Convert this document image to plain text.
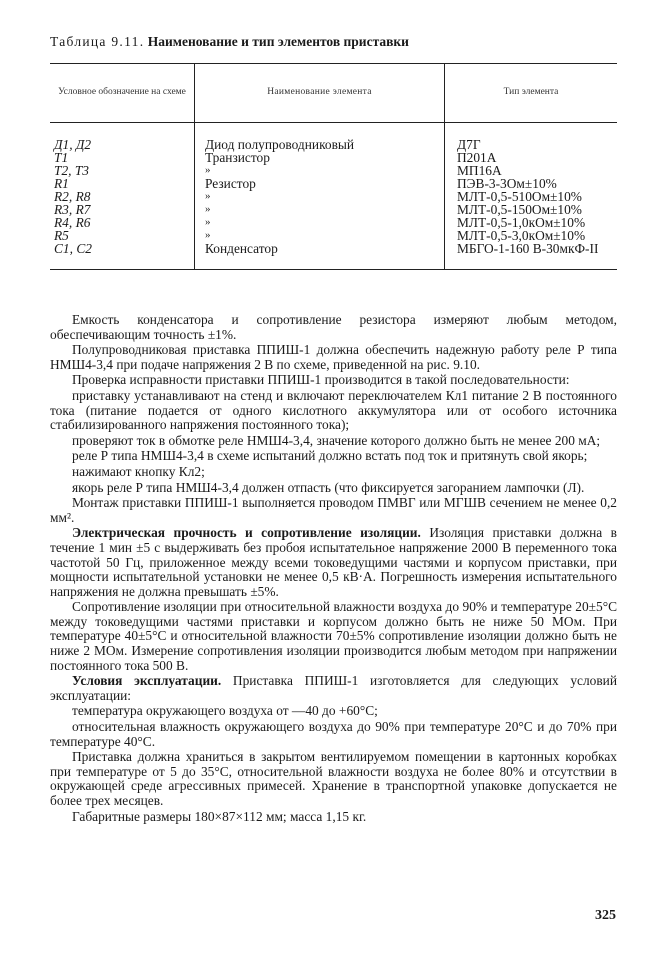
Таблица 9.11. Наименование и тип элементов приставки
Условное обозначение на схеме	Наименование элемента	Тип элемента
Д1, Д2	Диод полупроводниковый	Д7Г
Т1	Транзистор	П201А
Т2, Т3	»	МП16А
R1	Резистор	ПЭВ-3-3Ом±10%
R2, R8	»	МЛТ-0,5-510Ом±10%
R3, R7	»	МЛТ-0,5-150Ом±10%
R4, R6	»	МЛТ-0,5-1,0кОм±10%
R5	»	МЛТ-0,5-3,0кОм±10%
С1, С2	Конденсатор	МБГО-1-160 В-30мкФ-II

Емкость конденсатора и сопротивление резистора измеряют любым методом, обеспечивающим точность ±1%.

Полупроводниковая приставка ППИШ-1 должна обеспечить надежную работу реле Р типа НМШ4-3,4 при подаче напряжения 2 В по схеме, приведенной на рис. 9.10.

Проверка исправности приставки ППИШ-1 производится в такой последовательности:

приставку устанавливают на стенд и включают переключателем Кл1 питание 2 В постоянного тока (питание подается от одного кислотного аккумулятора или от особого источника стабилизированного напряжения постоянного тока);

проверяют ток в обмотке реле НМШ4-3,4, значение которого должно быть не менее 200 мА;

реле Р типа НМШ4-3,4 в схеме испытаний должно встать под ток и притянуть свой якорь;

нажимают кнопку Кл2;

якорь реле Р типа НМШ4-3,4 должен отпасть (что фиксируется загоранием лампочки (Л).

Монтаж приставки ППИШ-1 выполняется проводом ПМВГ или МГШВ сечением не менее 0,2 мм².

Электрическая прочность и сопротивление изоляции. Изоляция приставки должна в течение 1 мин ±5 с выдерживать без пробоя испытательное напряжение 2000 В переменного тока частотой 50 Гц, приложенное между всеми токоведущими частями и корпусом приставки, при мощности испытательной установки не менее 0,5 кВ·А. Погрешность измерения испытательного напряжения не должна превышать ±5%.

Сопротивление изоляции при относительной влажности воздуха до 90% и температуре 20±5°С между токоведущими частями приставки и корпусом должно быть не ниже 50 МОм. При температуре 40±5°С и относительной влажности 70±5% сопротивление изоляции должно быть не ниже 2 МОм. Измерение сопротивления изоляции производится любым методом при напряжении постоянного тока 500 В.

Условия эксплуатации. Приставка ППИШ-1 изготовляется для следующих условий эксплуатации:

температура окружающего воздуха от —40 до +60°С;

относительная влажность окружающего воздуха до 90% при температуре 20°С и до 70% при температуре 40°С.

Приставка должна храниться в закрытом вентилируемом помещении в картонных коробках при температуре от 5 до 35°С, относительной влажности воздуха не более 80% и отсутствии в окружающей среде агрессивных примесей. Хранение в транспортной упаковке допускается не более трех месяцев.

Габаритные размеры 180×87×112 мм; масса 1,15 кг.

325
